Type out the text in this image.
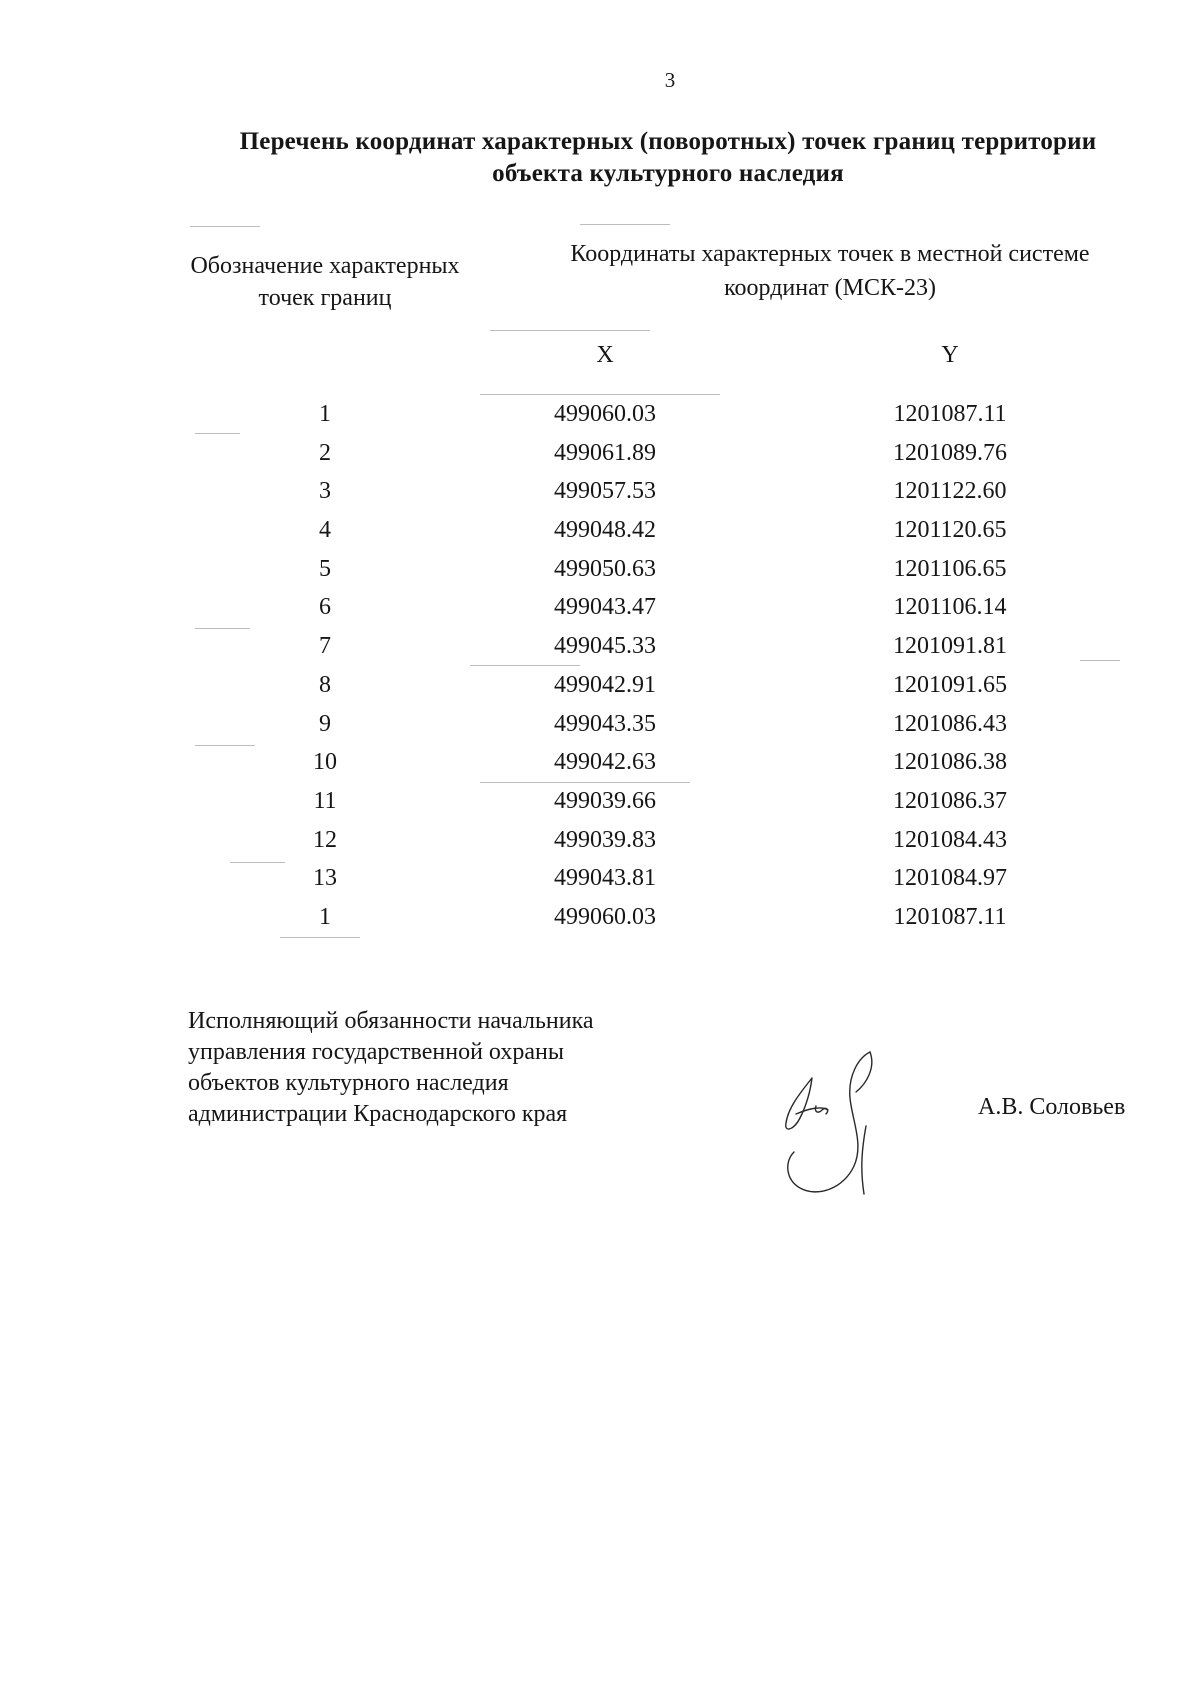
3
Перечень координат характерных (поворотных) точек границ территории
объекта культурного наследия
Обозначение характерных точек границ
Координаты характерных точек в местной системе
координат (МСК-23)
X	Y
1	499060.03	1201087.11
2	499061.89	1201089.76
3	499057.53	1201122.60
4	499048.42	1201120.65
5	499050.63	1201106.65
6	499043.47	1201106.14
7	499045.33	1201091.81
8	499042.91	1201091.65
9	499043.35	1201086.43
10	499042.63	1201086.38
11	499039.66	1201086.37
12	499039.83	1201084.43
13	499043.81	1201084.97
1	499060.03	1201087.11
Исполняющий обязанности начальника
управления государственной охраны
объектов культурного наследия
администрации Краснодарского края	А.В. Соловьев
